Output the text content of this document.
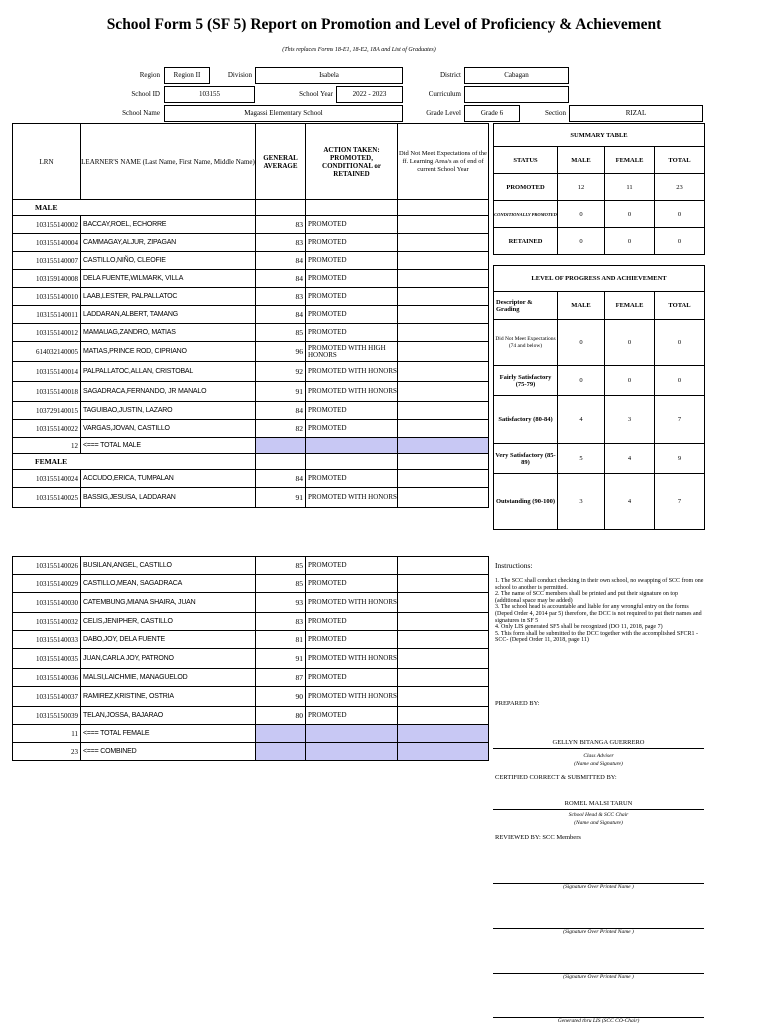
School Form 5 (SF 5) Report on Promotion and Level of Proficiency & Achievement
(This replaces Forms 18-E1, 18-E2, 18A and List of Graduates)
Region	Region II	Division	Isabela	District	Cabagan
School ID	103155	School Year	2022 - 2023	Curriculum
School Name	Magassi Elementary School	Grade Level	Grade 6	Section	RIZAL
LRN	LEARNER'S NAME (Last Name, First Name, Middle Name)	GENERAL AVERAGE	ACTION TAKEN: PROMOTED, CONDITIONAL or RETAINED	Did Not Meet Expectations of the ff. Learning Area/s as of end of current School Year
MALE				
103155140002	BACCAY,ROEL, ECHORRE	83	PROMOTED	
103155140004	CAMMAGAY,ALJUR, ZIPAGAN	83	PROMOTED	
103155140007	CASTILLO,NIÑO, CLEOFIE	84	PROMOTED	
103159140008	DELA FUENTE,WILMARK, VILLA	84	PROMOTED	
103155140010	LAAB,LESTER, PALPALLATOC	83	PROMOTED	
103155140011	LADDARAN,ALBERT, TAMANG	84	PROMOTED	
103155140012	MAMAUAG,ZANDRO, MATIAS	85	PROMOTED	
614032140005	MATIAS,PRINCE ROD, CIPRIANO	96	PROMOTED WITH HIGH HONORS	
103155140014	PALPALLATOC,ALLAN, CRISTOBAL	92	PROMOTED WITH HONORS	
103155140018	SAGADRACA,FERNANDO, JR MANALO	91	PROMOTED WITH HONORS	
103729140015	TAGUIBAO,JUSTIN, LAZARO	84	PROMOTED	
103155140022	VARGAS,JOVAN, CASTILLO	82	PROMOTED	
12	<=== TOTAL MALE			
FEMALE				
103155140024	ACCUDO,ERICA, TUMPALAN	84	PROMOTED	
103155140025	BASSIG,JESUSA, LADDARAN	91	PROMOTED WITH HONORS	
103155140026	BUSILAN,ANGEL, CASTILLO	85	PROMOTED	
103155140029	CASTILLO,MEAN, SAGADRACA	85	PROMOTED	
103155140030	CATEMBUNG,MIANA SHAIRA, JUAN	93	PROMOTED WITH HONORS	
103155140032	CELIS,JENIPHER, CASTILLO	83	PROMOTED	
103155140033	DABO,JOY, DELA FUENTE	81	PROMOTED	
103155140035	JUAN,CARLA JOY, PATRONO	91	PROMOTED WITH HONORS	
103155140036	MALSI,LAICHMIE, MANAGUELOD	87	PROMOTED	
103155140037	RAMIREZ,KRISTINE, OSTRIA	90	PROMOTED WITH HONORS	
103155150039	TELAN,JOSSA, BAJARAO	80	PROMOTED	
11	<=== TOTAL FEMALE			
23	<=== COMBINED			
SUMMARY TABLE			
STATUS	MALE	FEMALE	TOTAL
PROMOTED	12	11	23
CONDITIONALLY PROMOTED	0	0	0
RETAINED	0	0	0
LEVEL OF PROGRESS AND ACHIEVEMENT			
Descriptor & Grading	MALE	FEMALE	TOTAL
Did Not Meet Expectations (74 and below)	0	0	0
Fairly Satisfactory (75-79)	0	0	0
Satisfactory (80-84)	4	3	7
Very Satisfactory (85-89)	5	4	9
Outstanding (90-100)	3	4	7
Instructions:
1. The SCC shall conduct checking in their own school, no swapping of SCC from one school to another is permitted.
2. The name of SCC members shall be printed and put their signature on top (additional space may be added)
3. The school head is accountable and liable for any wrongful entry on the forms (Deped Order 4, 2014 par 5) therefore, the DCC is not required to put their names and signatures in SF 5
4. Only LIS generated SF5 shall be recognized (DO 11, 2018, page 7)
5. This form shall be submitted to the DCC together with the accomplished SFCR1 - SCC- (Deped Order 11, 2018, page 11)
PREPARED BY:
GELLYN BITANGA GUERRERO
Class Adviser
(Name and Signature)
CERTIFIED CORRECT & SUBMITTED BY:
ROMEL MALSI TARUN
School Head & SCC Chair
(Name and Signature)
REVIEWED BY: SCC Members
(Signature Over Printed Name )
(Signature Over Printed Name )
(Signature Over Printed Name )
Generated thru LIS (SCC CO-Chair)
